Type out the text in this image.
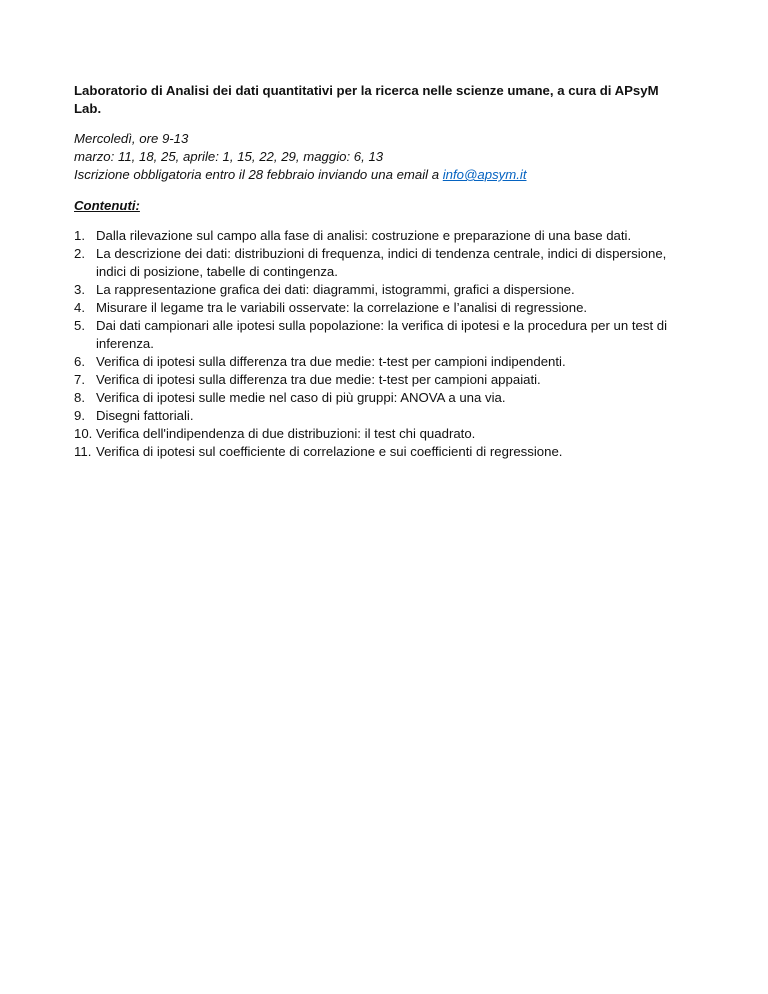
Laboratorio di Analisi dei dati quantitativi per la ricerca nelle scienze umane, a cura di APsyM Lab.

Mercoledì, ore 9-13
marzo: 11, 18, 25, aprile: 1, 15, 22, 29, maggio: 6, 13
Iscrizione obbligatoria entro il 28 febbraio inviando una email a info@apsym.it

Contenuti:

1. Dalla rilevazione sul campo alla fase di analisi: costruzione e preparazione di una base dati.
2. La descrizione dei dati: distribuzioni di frequenza, indici di tendenza centrale, indici di dispersione, indici di posizione, tabelle di contingenza.
3. La rappresentazione grafica dei dati: diagrammi, istogrammi, grafici a dispersione.
4. Misurare il legame tra le variabili osservate: la correlazione e l’analisi di regressione.
5. Dai dati campionari alle ipotesi sulla popolazione: la verifica di ipotesi e la procedura per un test di inferenza.
6. Verifica di ipotesi sulla differenza tra due medie: t-test per campioni indipendenti.
7. Verifica di ipotesi sulla differenza tra due medie: t-test per campioni appaiati.
8. Verifica di ipotesi sulle medie nel caso di più gruppi: ANOVA a una via.
9. Disegni fattoriali.
10. Verifica dell'indipendenza di due distribuzioni: il test chi quadrato.
11. Verifica di ipotesi sul coefficiente di correlazione e sui coefficienti di regressione.
